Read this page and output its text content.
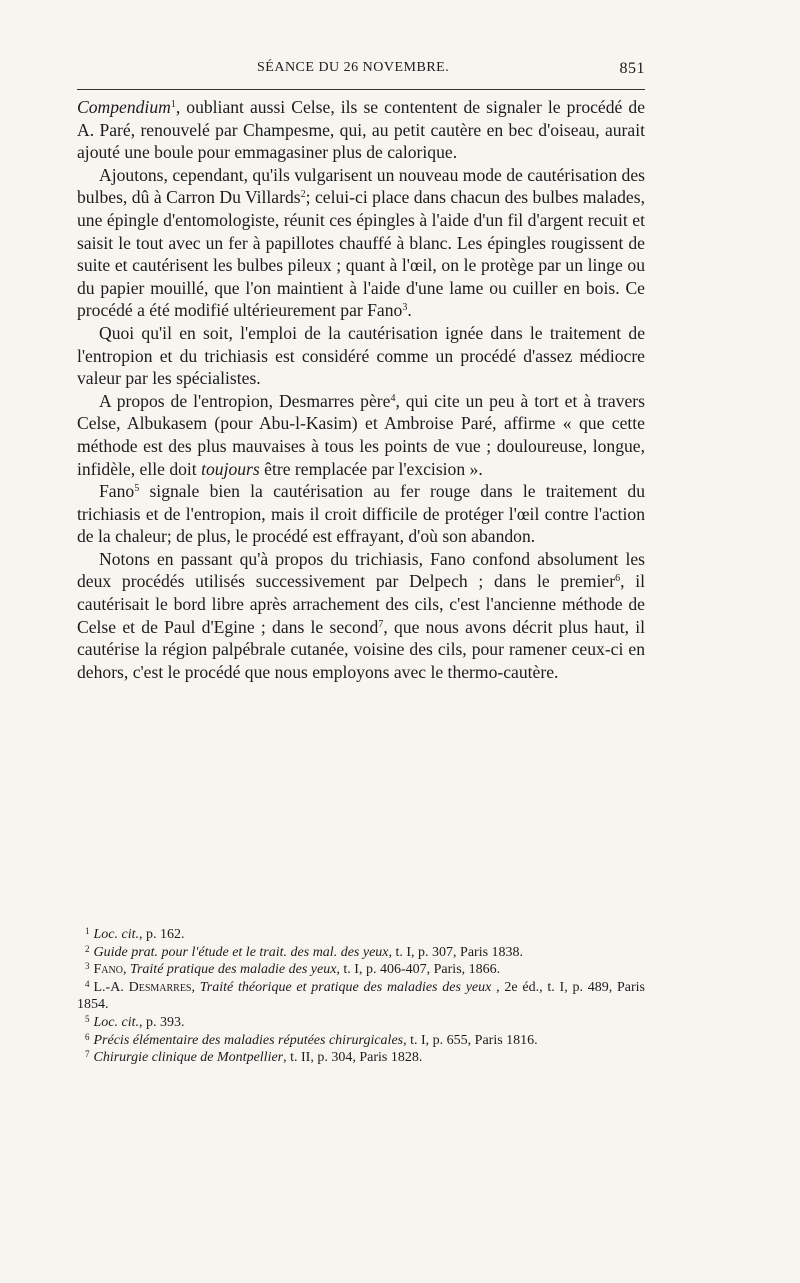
SÉANCE DU 26 NOVEMBRE.	851

Compendium$^1$, oubliant aussi Celse, ils se contentent de signaler le procédé de A. Paré, renouvelé par Champesme, qui, au petit cautère en bec d'oiseau, aurait ajouté une boule pour emmagasiner plus de calorique.

Ajoutons, cependant, qu'ils vulgarisent un nouveau mode de cautérisation des bulbes, dû à Carron Du Villards$^2$; celui-ci place dans chacun des bulbes malades, une épingle d'entomologiste, réunit ces épingles à l'aide d'un fil d'argent recuit et saisit le tout avec un fer à papillotes chauffé à blanc. Les épingles rougissent de suite et cautérisent les bulbes pileux ; quant à l'œil, on le protège par un linge ou du papier mouillé, que l'on maintient à l'aide d'une lame ou cuiller en bois. Ce procédé a été modifié ultérieurement par Fano$^3$.

Quoi qu'il en soit, l'emploi de la cautérisation ignée dans le traitement de l'entropion et du trichiasis est considéré comme un procédé d'assez médiocre valeur par les spécialistes.

A propos de l'entropion, Desmarres père$^4$, qui cite un peu à tort et à travers Celse, Albukasem (pour Abu-l-Kasim) et Ambroise Paré, affirme « que cette méthode est des plus mauvaises à tous les points de vue ; douloureuse, longue, infidèle, elle doit toujours être remplacée par l'excision ».

Fano$^5$ signale bien la cautérisation au fer rouge dans le traitement du trichiasis et de l'entropion, mais il croit difficile de protéger l'œil contre l'action de la chaleur; de plus, le procédé est effrayant, d'où son abandon.

Notons en passant qu'à propos du trichiasis, Fano confond absolument les deux procédés utilisés successivement par Delpech ; dans le premier$^6$, il cautérisait le bord libre après arrachement des cils, c'est l'ancienne méthode de Celse et de Paul d'Egine ; dans le second$^7$, que nous avons décrit plus haut, il cautérise la région palpébrale cutanée, voisine des cils, pour ramener ceux-ci en dehors, c'est le procédé que nous employons avec le thermo-cautère.

$^1$ Loc. cit., p. 162.

$^2$ Guide prat. pour l'étude et le trait. des mal. des yeux, t. I, p. 307, Paris 1838.

$^3$ Fano, Traité pratique des maladie des yeux, t. I, p. 406-407, Paris, 1866.

$^4$ L.-A. Desmarres, Traité théorique et pratique des maladies des yeux , 2e éd., t. I, p. 489, Paris 1854.

$^5$ Loc. cit., p. 393.

$^6$ Précis élémentaire des maladies réputées chirurgicales, t. I, p. 655, Paris 1816.

$^7$ Chirurgie clinique de Montpellier, t. II, p. 304, Paris 1828.
